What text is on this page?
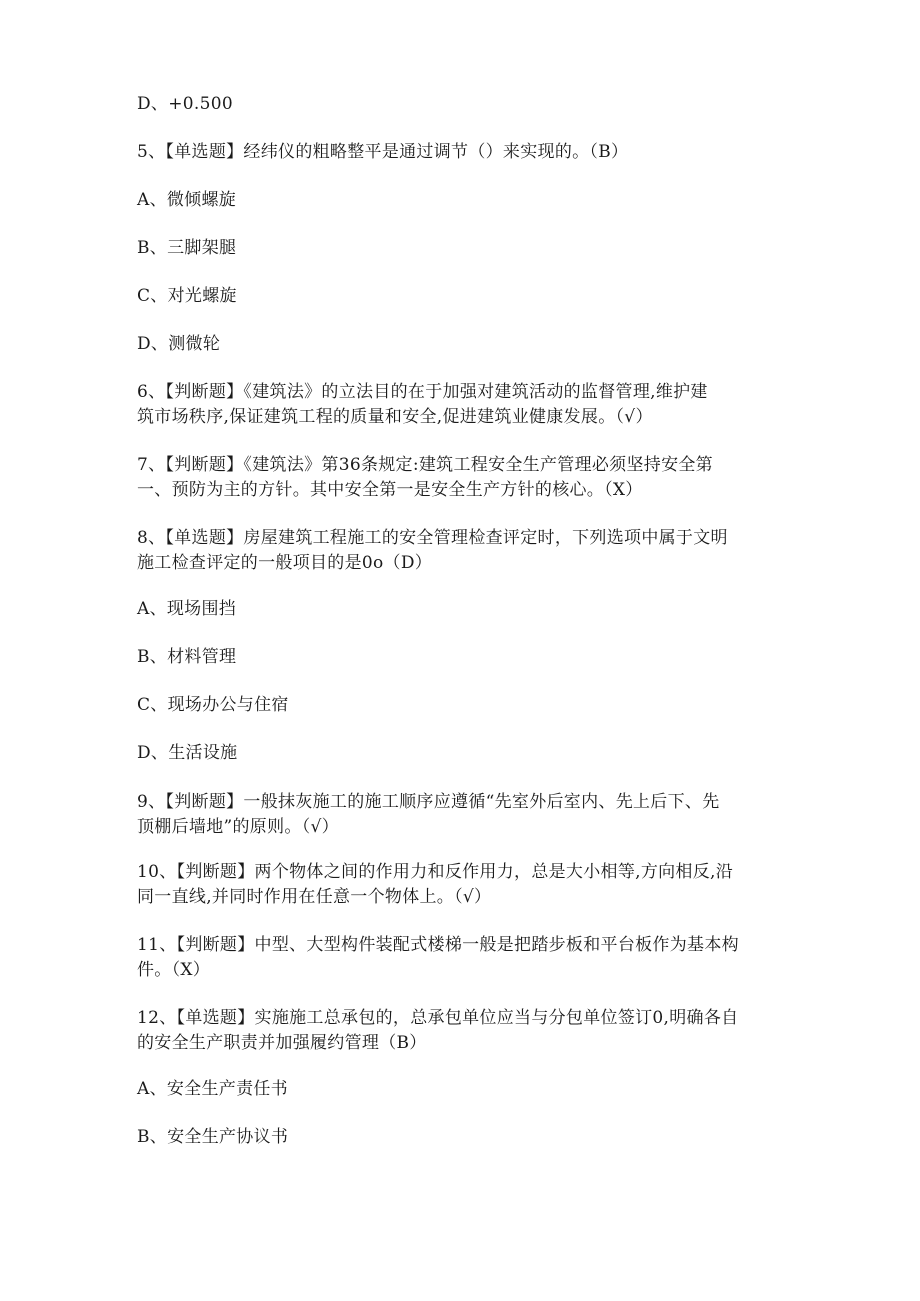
D、+0.500
5、【单选题】经纬仪的粗略整平是通过调节（）来实现的。（B）
A、微倾螺旋
B、三脚架腿
C、对光螺旋
D、测微轮
6、【判断题】《建筑法》的立法目的在于加强对建筑活动的监督管理,维护建
筑市场秩序,保证建筑工程的质量和安全,促进建筑业健康发展。（√）
7、【判断题】《建筑法》第36条规定:建筑工程安全生产管理必须坚持安全第
一、预防为主的方针。其中安全第一是安全生产方针的核心。（X）
8、【单选题】房屋建筑工程施工的安全管理检查评定时，下列选项中属于文明
施工检查评定的一般项目的是0o（D）
A、现场围挡
B、材料管理
C、现场办公与住宿
D、生活设施
9、【判断题】一般抹灰施工的施工顺序应遵循“先室外后室内、先上后下、先
顶棚后墙地”的原则。（√）
10、【判断题】两个物体之间的作用力和反作用力，总是大小相等,方向相反,沿
同一直线,并同时作用在任意一个物体上。（√）
11、【判断题】中型、大型构件装配式楼梯一般是把踏步板和平台板作为基本构
件。（X）
12、【单选题】实施施工总承包的，总承包单位应当与分包单位签订0,明确各自
的安全生产职责并加强履约管理（B）
A、安全生产责任书
B、安全生产协议书
